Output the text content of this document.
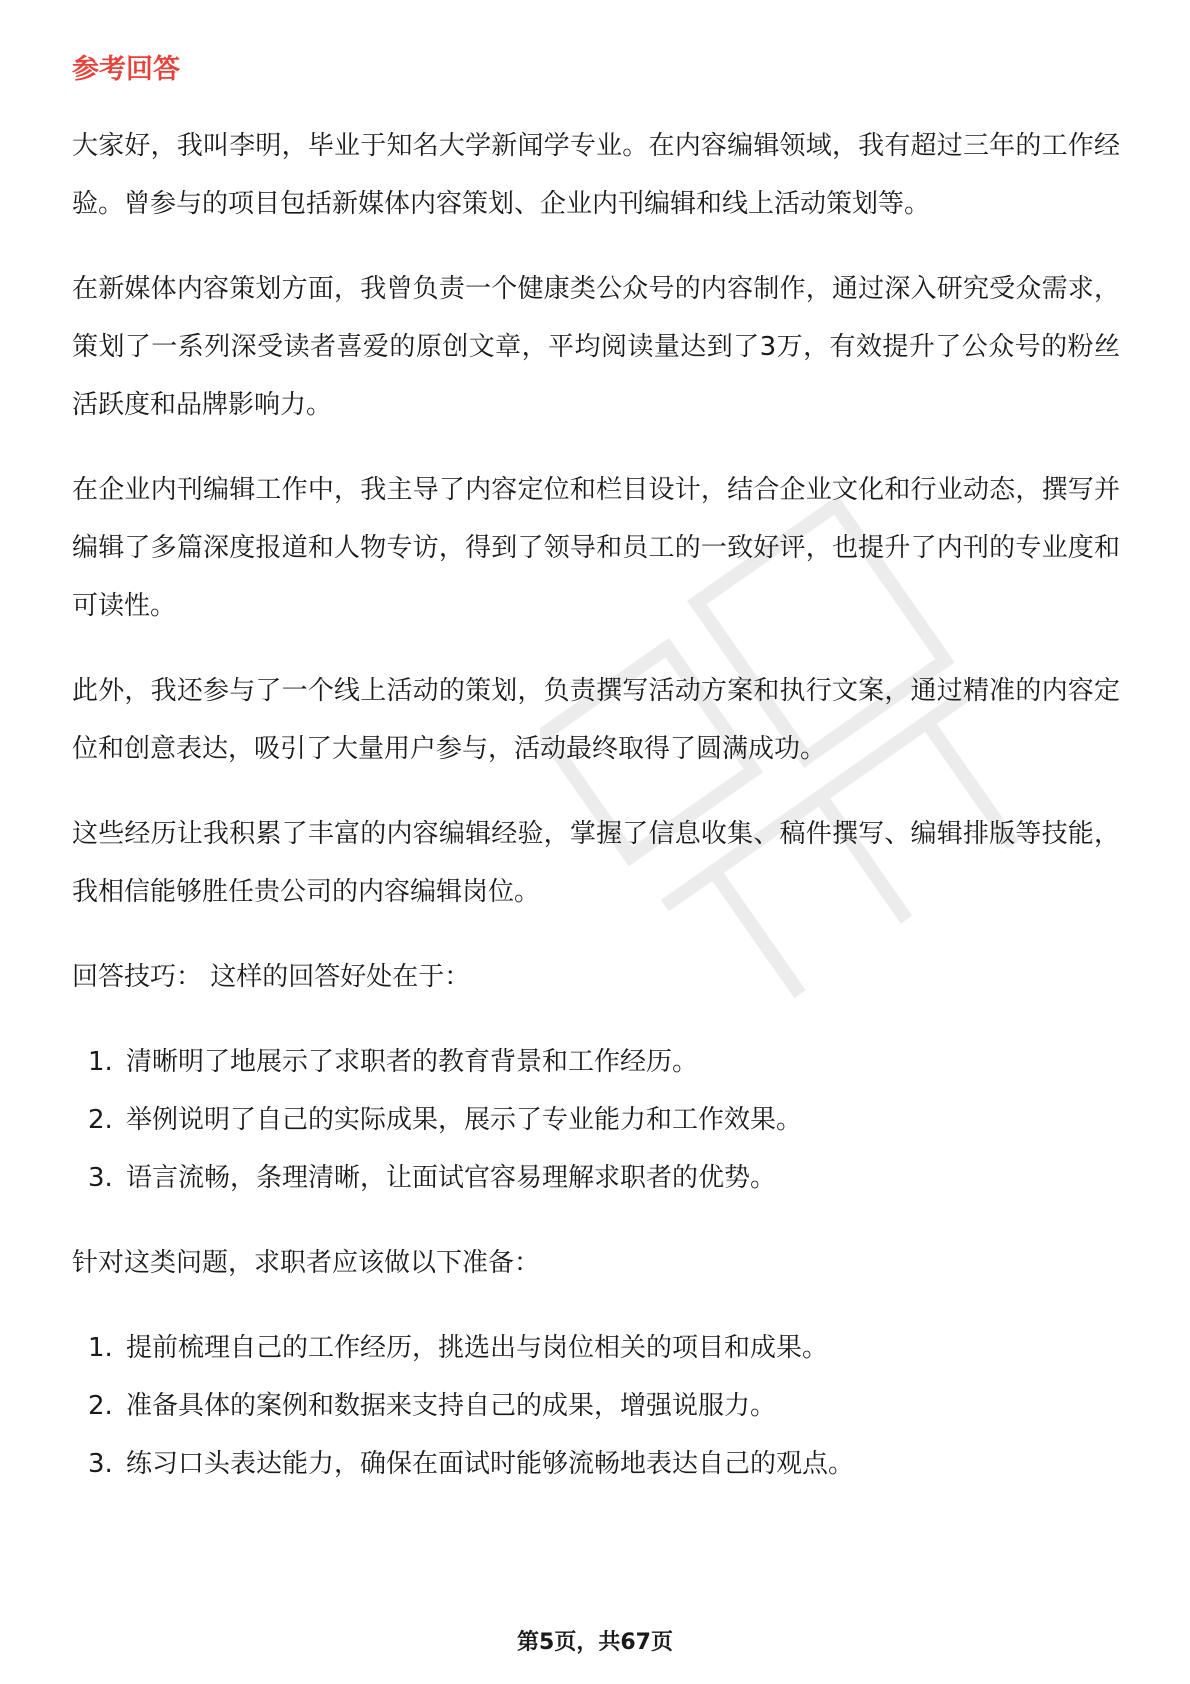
参考回答

大家好，我叫李明，毕业于知名大学新闻学专业。在内容编辑领域，我有超过三年的工作经验。曾参与的项目包括新媒体内容策划、企业内刊编辑和线上活动策划等。

在新媒体内容策划方面，我曾负责一个健康类公众号的内容制作，通过深入研究受众需求，策划了一系列深受读者喜爱的原创文章，平均阅读量达到了3万，有效提升了公众号的粉丝活跃度和品牌影响力。

在企业内刊编辑工作中，我主导了内容定位和栏目设计，结合企业文化和行业动态，撰写并编辑了多篇深度报道和人物专访，得到了领导和员工的一致好评，也提升了内刊的专业度和可读性。

此外，我还参与了一个线上活动的策划，负责撰写活动方案和执行文案，通过精准的内容定位和创意表达，吸引了大量用户参与，活动最终取得了圆满成功。

这些经历让我积累了丰富的内容编辑经验，掌握了信息收集、稿件撰写、编辑排版等技能，我相信能够胜任贵公司的内容编辑岗位。

回答技巧： 这样的回答好处在于：

1. 清晰明了地展示了求职者的教育背景和工作经历。
2. 举例说明了自己的实际成果，展示了专业能力和工作效果。
3. 语言流畅，条理清晰，让面试官容易理解求职者的优势。

针对这类问题，求职者应该做以下准备：

1. 提前梳理自己的工作经历，挑选出与岗位相关的项目和成果。
2. 准备具体的案例和数据来支持自己的成果，增强说服力。
3. 练习口头表达能力，确保在面试时能够流畅地表达自己的观点。
第5页，共67页
